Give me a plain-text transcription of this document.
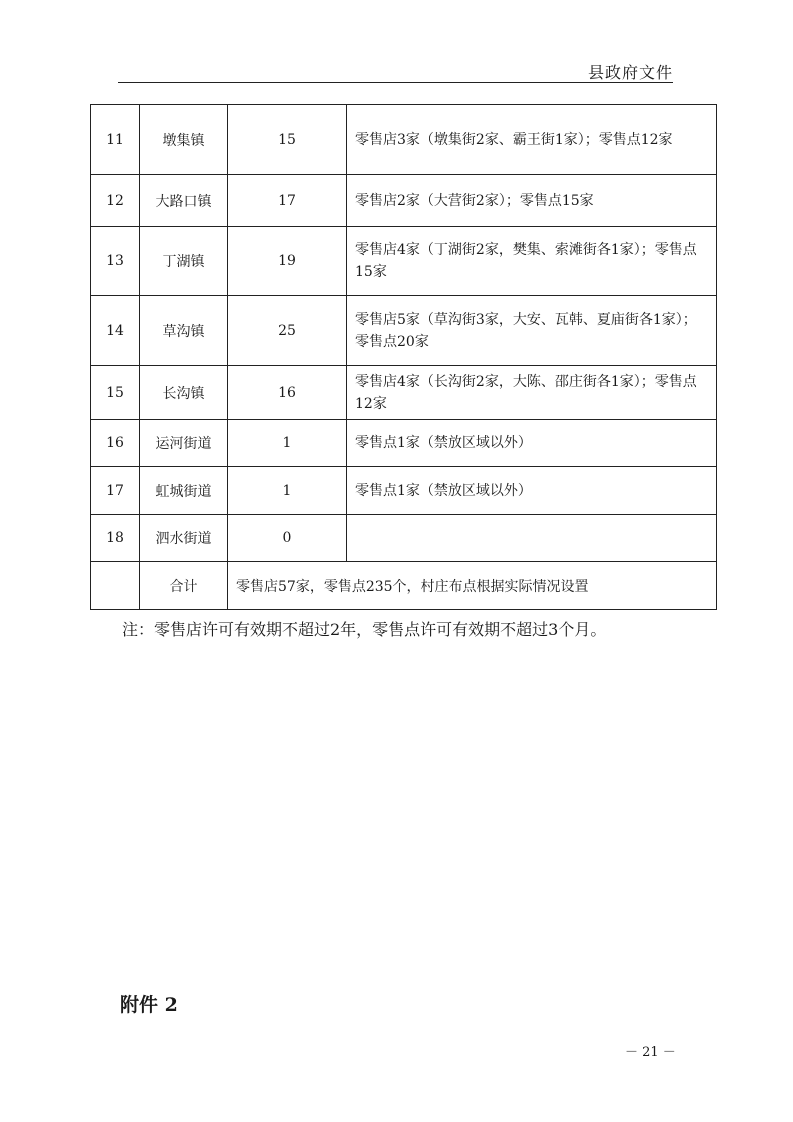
县政府文件
11	墩集镇	15	零售店3家（墩集街2家、霸王街1家）；零售点12家
12	大路口镇	17	零售店2家（大营街2家）；零售点15家
13	丁湖镇	19	零售店4家（丁湖街2家，樊集、索滩街各1家）；零售点15家
14	草沟镇	25	零售店5家（草沟街3家，大安、瓦韩、夏庙街各1家）；零售点20家
15	长沟镇	16	零售店4家（长沟街2家，大陈、邵庄街各1家）；零售点12家
16	运河街道	1	零售点1家（禁放区域以外）
17	虹城街道	1	零售点1家（禁放区域以外）
18	泗水街道	0	
	合计	零售店57家，零售点235个，村庄布点根据实际情况设置	
注：零售店许可有效期不超过2年，零售点许可有效期不超过3个月。
附件 2
－ 21 －
